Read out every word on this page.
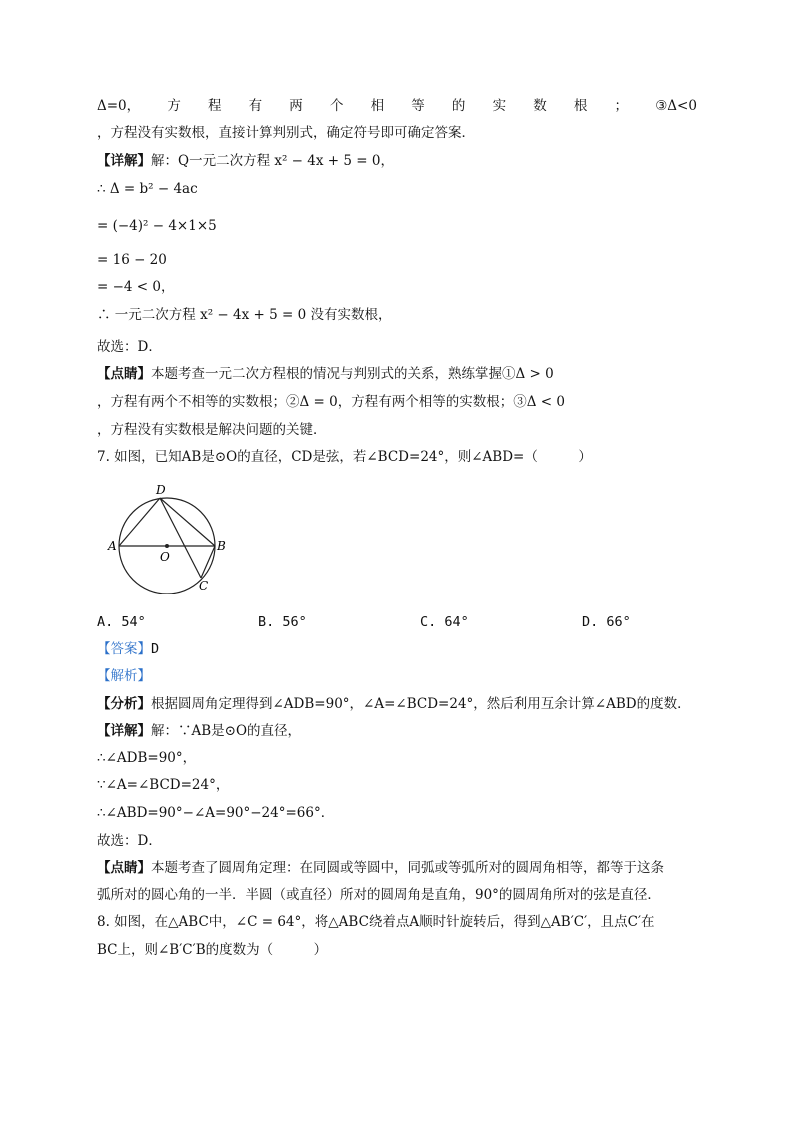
Δ=0， 方 程 有 两 个 相 等 的 实 数 根 ； ③Δ<0
，方程没有实数根，直接计算判别式，确定符号即可确定答案．
【详解】解：Q一元二次方程 x² − 4x + 5 = 0，
∴ Δ = b² − 4ac
= (−4)² − 4×1×5
= 16 − 20
= −4 < 0，
∴ 一元二次方程 x² − 4x + 5 = 0 没有实数根，
故选：D．
【点睛】本题考查一元二次方程根的情况与判别式的关系，熟练掌握①Δ > 0
，方程有两个不相等的实数根；②Δ = 0，方程有两个相等的实数根；③Δ < 0
，方程没有实数根是解决问题的关键．
7. 如图，已知AB是⊙O的直径，CD是弦，若∠BCD=24°，则∠ABD=（　　　）
D
A
O
B
C
A. 54°	B. 56°	C. 64°	D. 66°
【答案】D
【解析】
【分析】根据圆周角定理得到∠ADB=90°，∠A=∠BCD=24°，然后利用互余计算∠ABD的度数．
【详解】解：∵AB是⊙O的直径，
∴∠ADB=90°，
∵∠A=∠BCD=24°，
∴∠ABD=90°−∠A=90°−24°=66°．
故选：D．
【点睛】本题考查了圆周角定理：在同圆或等圆中，同弧或等弧所对的圆周角相等，都等于这条
弧所对的圆心角的一半．半圆（或直径）所对的圆周角是直角，90°的圆周角所对的弦是直径．
8. 如图，在△ABC中，∠C = 64°，将△ABC绕着点A顺时针旋转后，得到△AB′C′，且点C′在
BC上，则∠B′C′B的度数为（　　　）
